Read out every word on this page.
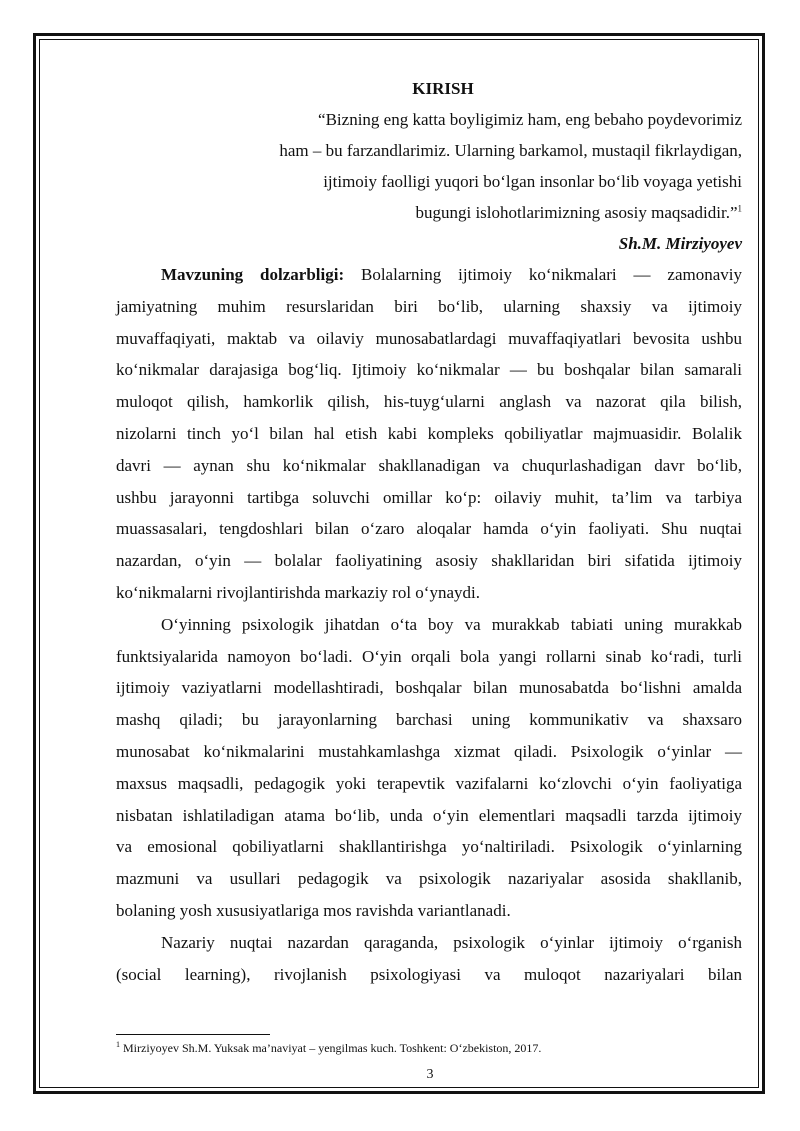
KIRISH

“Bizning eng katta boyligimiz ham, eng bebaho poydevorimiz
ham – bu farzandlarimiz. Ularning barkamol, mustaqil fikrlaydigan,
ijtimoiy faolligi yuqori bo‘lgan insonlar bo‘lib voyaga yetishi
bugungi islohotlarimizning asosiy maqsadidir.”$^1$

Sh.M. Mirziyoyev

Mavzuning dolzarbligi: Bolalarning ijtimoiy ko‘nikmalari — zamonaviy
jamiyatning muhim resurslaridan biri bo‘lib, ularning shaxsiy va ijtimoiy
muvaffaqiyati, maktab va oilaviy munosabatlardagi muvaffaqiyatlari bevosita ushbu
ko‘nikmalar darajasiga bog‘liq. Ijtimoiy ko‘nikmalar — bu boshqalar bilan samarali
muloqot qilish, hamkorlik qilish, his-tuyg‘ularni anglash va nazorat qila bilish,
nizolarni tinch yo‘l bilan hal etish kabi kompleks qobiliyatlar majmuasidir. Bolalik
davri — aynan shu ko‘nikmalar shakllanadigan va chuqurlashadigan davr bo‘lib,
ushbu jarayonni tartibga soluvchi omillar ko‘p: oilaviy muhit, ta’lim va tarbiya
muassasalari, tengdoshlari bilan o‘zaro aloqalar hamda o‘yin faoliyati. Shu nuqtai
nazardan, o‘yin — bolalar faoliyatining asosiy shakllaridan biri sifatida ijtimoiy
ko‘nikmalarni rivojlantirishda markaziy rol o‘ynaydi.
O‘yinning psixologik jihatdan o‘ta boy va murakkab tabiati uning murakkab
funktsiyalarida namoyon bo‘ladi. O‘yin orqali bola yangi rollarni sinab ko‘radi, turli
ijtimoiy vaziyatlarni modellashtiradi, boshqalar bilan munosabatda bo‘lishni amalda
mashq qiladi; bu jarayonlarning barchasi uning kommunikativ va shaxsaro
munosabat ko‘nikmalarini mustahkamlashga xizmat qiladi. Psixologik o‘yinlar —
maxsus maqsadli, pedagogik yoki terapevtik vazifalarni ko‘zlovchi o‘yin faoliyatiga
nisbatan ishlatiladigan atama bo‘lib, unda o‘yin elementlari maqsadli tarzda ijtimoiy
va emosional qobiliyatlarni shakllantirishga yo‘naltiriladi. Psixologik o‘yinlarning
mazmuni va usullari pedagogik va psixologik nazariyalar asosida shakllanib,
bolaning yosh xususiyatlariga mos ravishda variantlanadi.
Nazariy nuqtai nazardan qaraganda, psixologik o‘yinlar ijtimoiy o‘rganish
(social learning), rivojlanish psixologiyasi va muloqot nazariyalari bilan

$^1$ Mirziyoyev Sh.M. Yuksak ma’naviyat – yengilmas kuch. Toshkent: O‘zbekiston, 2017.

3
